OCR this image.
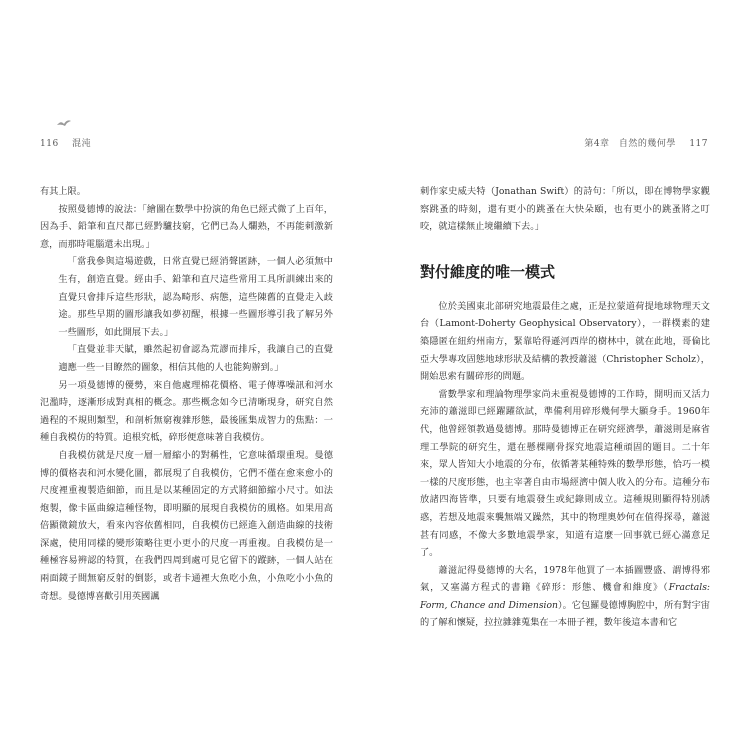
116 混沌	第4章 自然的幾何學 117

有其上限。

按照曼德博的說法：「繪圖在數學中扮演的角色已經式微了上百年，因為手、鉛筆和直尺都已經黔驢技窮，它們已為人爛熟，不再能刺激新意，而那時電腦還未出現。」

「當我參與這場遊戲，日常直覺已經消聲匿跡，一個人必須無中生有，創造直覺。經由手、鉛筆和直尺這些常用工具所訓練出來的直覺只會排斥這些形狀，認為畸形、病態，這些陳舊的直覺走入歧途。那些早期的圖形讓我如夢初醒，根據一些圖形導引我了解另外一些圖形，如此開展下去。」

「直覺並非天賦，雖然起初會認為荒謬而排斥，我讓自己的直覺適應一些一目瞭然的圖象，相信其他的人也能夠辦到。」

另一項曼德博的優勢，來自他處理棉花價格、電子傳導噪訊和河水氾濫時，逐漸形成對真相的概念。那些概念如今已清晰現身，研究自然過程的不規則類型，和剖析無窮複雜形態，最後匯集成智力的焦點：一種自我模仿的特質。追根究柢，碎形便意味著自我模仿。

自我模仿就是尺度一層一層縮小的對稱性，它意味循環重現。曼德博的價格表和河水變化圖，都展現了自我模仿，它們不僅在愈來愈小的尺度裡重複製造細節，而且是以某種固定的方式將細節縮小尺寸。如法炮製，像卡區曲線這種怪物，即明顯的展現自我模仿的風格。如果用高倍顯微鏡放大，看來內容依舊相同，自我模仿已經進入創造曲線的技術深處，使用同樣的變形策略往更小更小的尺度一再重複。自我模仿是一種極容易辨認的特質，在我們四周到處可見它留下的蹤跡，一個人站在兩面鏡子間無窮反射的倒影，或者卡通裡大魚吃小魚，小魚吃小小魚的奇想。曼德博喜歡引用英國諷

刺作家史威夫特（Jonathan Swift）的詩句：「所以，即在博物學家觀察跳蚤的時刻，還有更小的跳蚤在大快朵頤，也有更小的跳蚤將之叮咬，就這樣無止境繼續下去。」

對付維度的唯一模式

位於美國東北部研究地震最佳之處，正是拉蒙道荷提地球物理天文台（Lamont-Doherty Geophysical Observatory），一群樸素的建築隱匿在紐約州南方，緊靠哈得遜河西岸的樹林中，就在此地，哥倫比亞大學專攻固態地球形狀及結構的教授蕭滋（Christopher Scholz），開始思索有關碎形的問題。

當數學家和理論物理學家尚未重視曼德博的工作時，開明而又活力充沛的蕭滋即已經躍躍欲試，準備利用碎形幾何學大顯身手。1960年代，他曾經領教過曼德博。那時曼德博正在研究經濟學，蕭滋則是麻省理工學院的研究生，還在懸棵剛骨探究地震這種頑固的題目。二十年來，眾人皆知大小地震的分布，依循著某種特殊的數學形態，恰巧一模一樣的尺度形態，也主宰著自由市場經濟中個人收入的分布。這種分布放諸四海皆準，只要有地震發生或紀錄則成立。這種規則顯得特別誘惑，若想及地震來襲無端又躁然，其中的物理奧妙何在值得探尋，蕭滋甚有同感，不像大多數地震學家，知道有這麼一回事就已經心滿意足了。

蕭滋記得曼德博的大名，1978年他買了一本插圖豐盛、謂博得邪氣，又塞滿方程式的書籍《碎形：形態、機會和維度》（Fractals: Form, Chance and Dimension）。它包羅曼德博胸腔中，所有對宇宙的了解和懷疑，拉拉雜雜蒐集在一本冊子裡，數年後這本書和它
